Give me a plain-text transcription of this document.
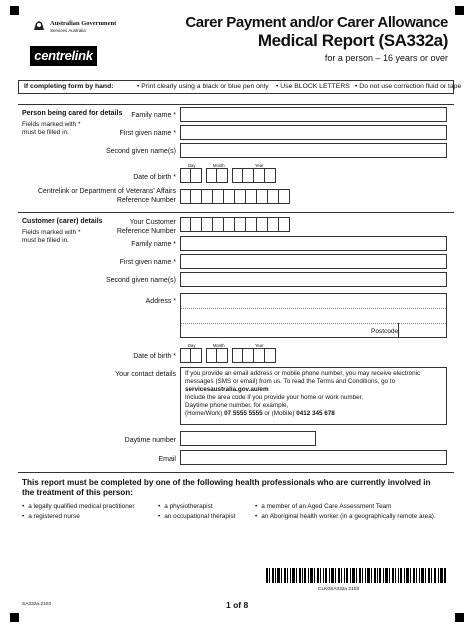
Australian Government
Services Australia
centrelink
Carer Payment and/or Carer Allowance
Medical Report (SA332a)
for a person – 16 years or over
If completing form by hand:	• Print clearly using a black or blue pen only • Use BLOCK LETTERS • Do not use correction fluid or tape
Person being cared for details
Fields marked with *
must be filled in.
Family name *
First given name *
Second given name(s)
Day	Month	Year
Date of birth *
Centrelink or Department of Veterans’ Affairs
Reference Number
Customer (carer) details
Fields marked with *
must be filled in.
Your Customer
Reference Number
Family name *
First given name *
Second given name(s)
Address *
Postcode
Day	Month	Year
Date of birth *
Your contact details If you provide an email address or mobile phone number, you may receive electronic
messages (SMS or email) from us. To read the Terms and Conditions, go to
servicesaustralia.gov.au/em
Include the area code if you provide your home or work number.
Daytime phone number, for example,
(Home/Work) 07 5555 5555 or (Mobile) 0412 345 678
Daytime number
Email
This report must be completed by one of the following health professionals who are currently involved in the treatment of this person:
• a legally qualified medical practitioner	• a physiotherapist	• a member of an Aged Care Assessment Team
• a registered nurse	• an occupational therapist	• an Aboriginal health worker (in a geographically remote area).
CLK0SA332a 2103
SA332a.2103	1 of 8
